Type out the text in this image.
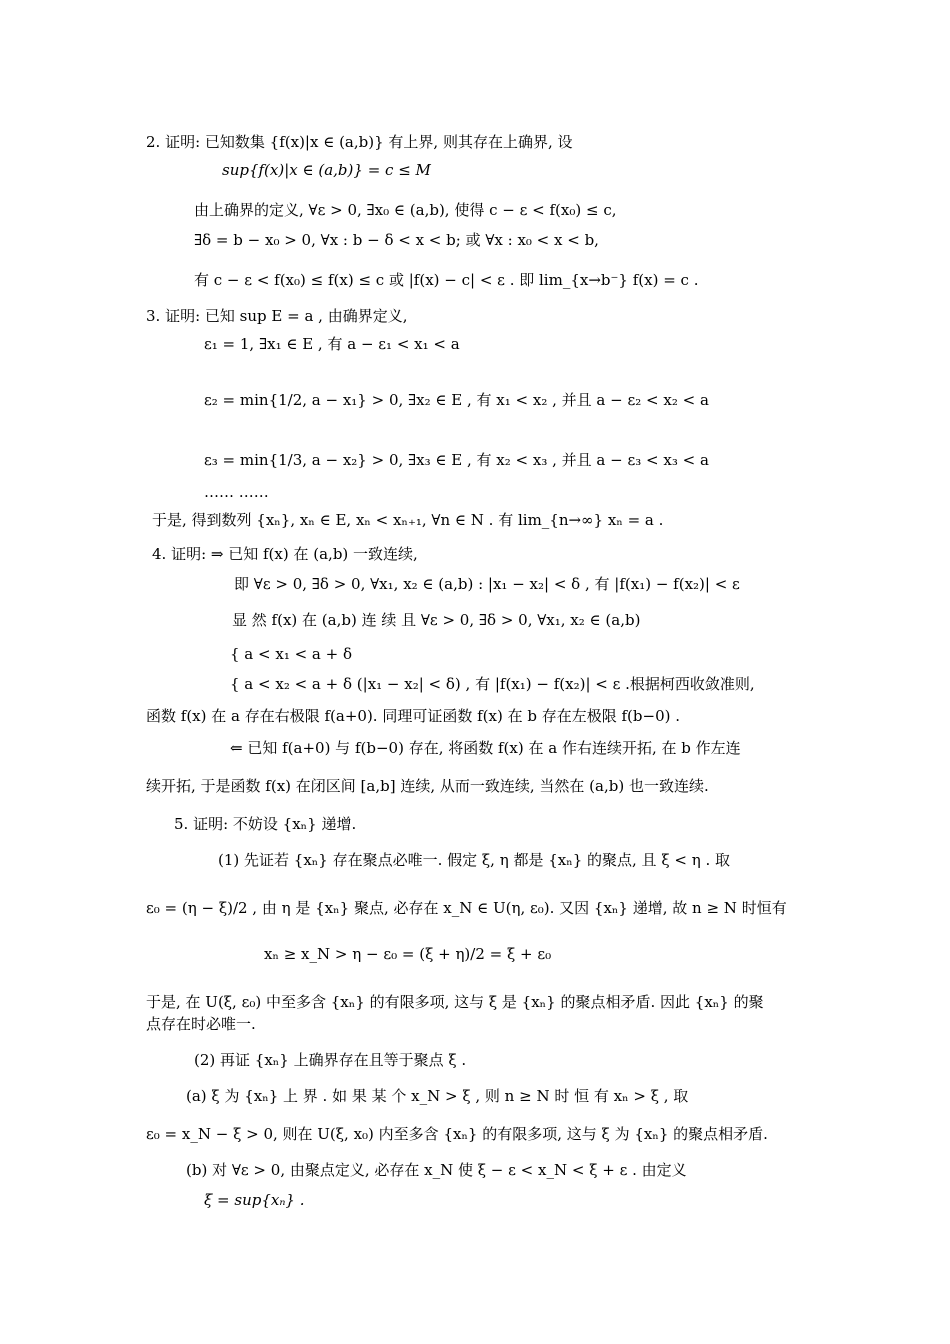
2. 证明: 已知数集 {f(x)|x ∈ (a,b)} 有上界, 则其存在上确界, 设
sup{f(x)|x ∈ (a,b)} = c ≤ M
由上确界的定义, ∀ε > 0, ∃x₀ ∈ (a,b), 使得 c − ε < f(x₀) ≤ c,
∃δ = b − x₀ > 0, ∀x : b − δ < x < b; 或 ∀x : x₀ < x < b,
有 c − ε < f(x₀) ≤ f(x) ≤ c 或 |f(x) − c| < ε . 即 lim_{x→b⁻} f(x) = c .
3. 证明: 已知 sup E = a , 由确界定义,
ε₁ = 1, ∃x₁ ∈ E , 有 a − ε₁ < x₁ < a
ε₂ = min{1/2, a − x₁} > 0, ∃x₂ ∈ E , 有 x₁ < x₂ , 并且 a − ε₂ < x₂ < a
ε₃ = min{1/3, a − x₂} > 0, ∃x₃ ∈ E , 有 x₂ < x₃ , 并且 a − ε₃ < x₃ < a
…… ……
于是, 得到数列 {xₙ}, xₙ ∈ E, xₙ < xₙ₊₁, ∀n ∈ N . 有 lim_{n→∞} xₙ = a .
4. 证明: ⇒ 已知 f(x) 在 (a,b) 一致连续,
即 ∀ε > 0, ∃δ > 0, ∀x₁, x₂ ∈ (a,b) : |x₁ − x₂| < δ , 有 |f(x₁) − f(x₂)| < ε
显 然 f(x) 在 (a,b) 连 续 且 ∀ε > 0, ∃δ > 0, ∀x₁, x₂ ∈ (a,b)
{ a < x₁ < a + δ
{ a < x₂ < a + δ (|x₁ − x₂| < δ) , 有 |f(x₁) − f(x₂)| < ε .根据柯西收敛准则,
函数 f(x) 在 a 存在右极限 f(a+0). 同理可证函数 f(x) 在 b 存在左极限 f(b−0) .
⇐ 已知 f(a+0) 与 f(b−0) 存在, 将函数 f(x) 在 a 作右连续开拓, 在 b 作左连
续开拓, 于是函数 f(x) 在闭区间 [a,b] 连续, 从而一致连续, 当然在 (a,b) 也一致连续.
5. 证明: 不妨设 {xₙ} 递增.
(1) 先证若 {xₙ} 存在聚点必唯一. 假定 ξ, η 都是 {xₙ} 的聚点, 且 ξ < η . 取
ε₀ = (η − ξ)/2 , 由 η 是 {xₙ} 聚点, 必存在 x_N ∈ U(η, ε₀). 又因 {xₙ} 递增, 故 n ≥ N 时恒有
xₙ ≥ x_N > η − ε₀ = (ξ + η)/2 = ξ + ε₀
于是, 在 U(ξ, ε₀) 中至多含 {xₙ} 的有限多项, 这与 ξ 是 {xₙ} 的聚点相矛盾. 因此 {xₙ} 的聚
点存在时必唯一.
(2) 再证 {xₙ} 上确界存在且等于聚点 ξ .
(a) ξ 为 {xₙ} 上 界 . 如 果 某 个 x_N > ξ , 则 n ≥ N 时 恒 有 xₙ > ξ , 取
ε₀ = x_N − ξ > 0, 则在 U(ξ, x₀) 内至多含 {xₙ} 的有限多项, 这与 ξ 为 {xₙ} 的聚点相矛盾.
(b) 对 ∀ε > 0, 由聚点定义, 必存在 x_N 使 ξ − ε < x_N < ξ + ε . 由定义
ξ = sup{xₙ} .
